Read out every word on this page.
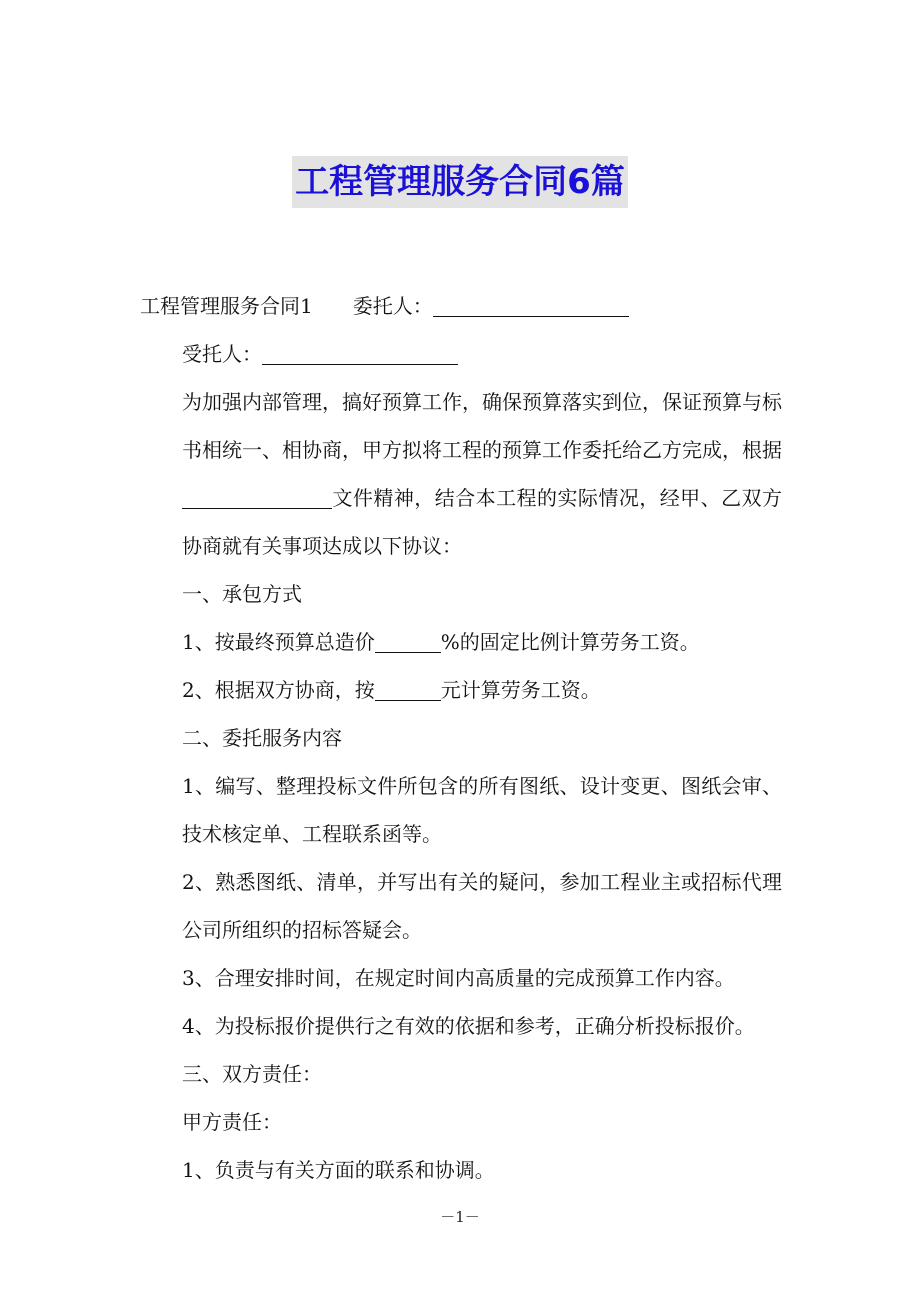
工程管理服务合同6篇

工程管理服务合同1 委托人：

受托人：

为加强内部管理，搞好预算工作，确保预算落实到位，保证预算与标书相统一、相协商，甲方拟将工程的预算工作委托给乙方完成，根据文件精神，结合本工程的实际情况，经甲、乙双方协商就有关事项达成以下协议：

一、承包方式

1、按最终预算总造价	%的固定比例计算劳务工资。

2、根据双方协商，按	元计算劳务工资。

二、委托服务内容

1、编写、整理投标文件所包含的所有图纸、设计变更、图纸会审、技术核定单、工程联系函等。

2、熟悉图纸、清单，并写出有关的疑问，参加工程业主或招标代理公司所组织的招标答疑会。

3、合理安排时间，在规定时间内高质量的完成预算工作内容。

4、为投标报价提供行之有效的依据和参考，正确分析投标报价。

三、双方责任：

甲方责任：

1、负责与有关方面的联系和协调。

－1－
